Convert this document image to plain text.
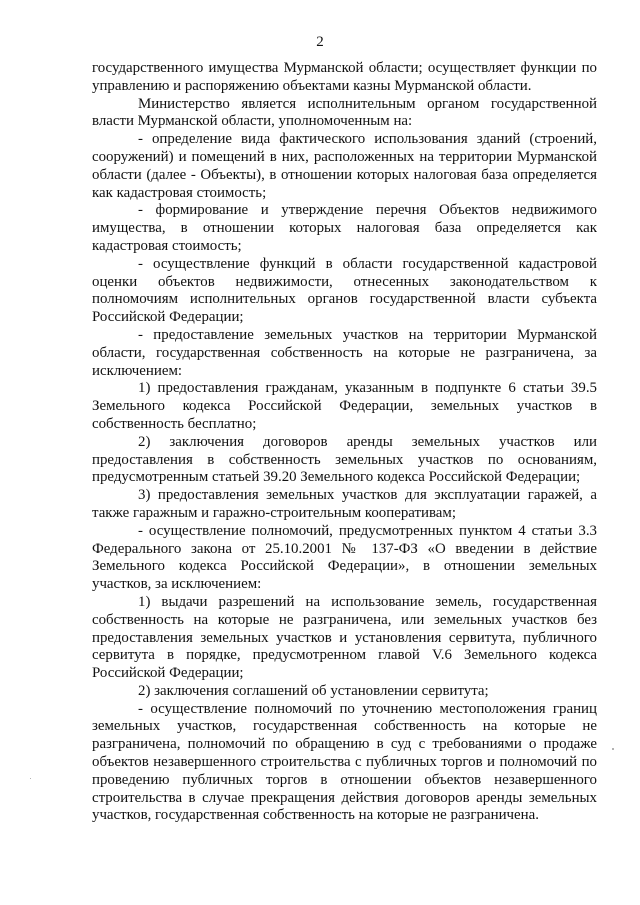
2

государственного имущества Мурманской области; осуществляет функции по управлению и распоряжению объектами казны Мурманской области.

Министерство является исполнительным органом государственной власти Мурманской области, уполномоченным на:

- определение вида фактического использования зданий (строений, сооружений) и помещений в них, расположенных на территории Мурманской области (далее - Объекты), в отношении которых налоговая база определяется как кадастровая стоимость;

- формирование и утверждение перечня Объектов недвижимого имущества, в отношении которых налоговая база определяется как кадастровая стоимость;

- осуществление функций в области государственной кадастровой оценки объектов недвижимости, отнесенных законодательством к полномочиям исполнительных органов государственной власти субъекта Российской Федерации;

- предоставление земельных участков на территории Мурманской области, государственная собственность на которые не разграничена, за исключением:

1) предоставления гражданам, указанным в подпункте 6 статьи 39.5 Земельного кодекса Российской Федерации, земельных участков в собственность бесплатно;

2) заключения договоров аренды земельных участков или предоставления в собственность земельных участков по основаниям, предусмотренным статьей 39.20 Земельного кодекса Российской Федерации;

3) предоставления земельных участков для эксплуатации гаражей, а также гаражным и гаражно-строительным кооперативам;

- осуществление полномочий, предусмотренных пунктом 4 статьи 3.3 Федерального закона от 25.10.2001 № 137-ФЗ «О введении в действие Земельного кодекса Российской Федерации», в отношении земельных участков, за исключением:

1) выдачи разрешений на использование земель, государственная собственность на которые не разграничена, или земельных участков без предоставления земельных участков и установления сервитута, публичного сервитута в порядке, предусмотренном главой V.6 Земельного кодекса Российской Федерации;

2) заключения соглашений об установлении сервитута;

- осуществление полномочий по уточнению местоположения границ земельных участков, государственная собственность на которые не разграничена, полномочий по обращению в суд с требованиями о продаже объектов незавершенного строительства с публичных торгов и полномочий по проведению публичных торгов в отношении объектов незавершенного строительства в случае прекращения действия договоров аренды земельных участков, государственная собственность на которые не разграничена.
